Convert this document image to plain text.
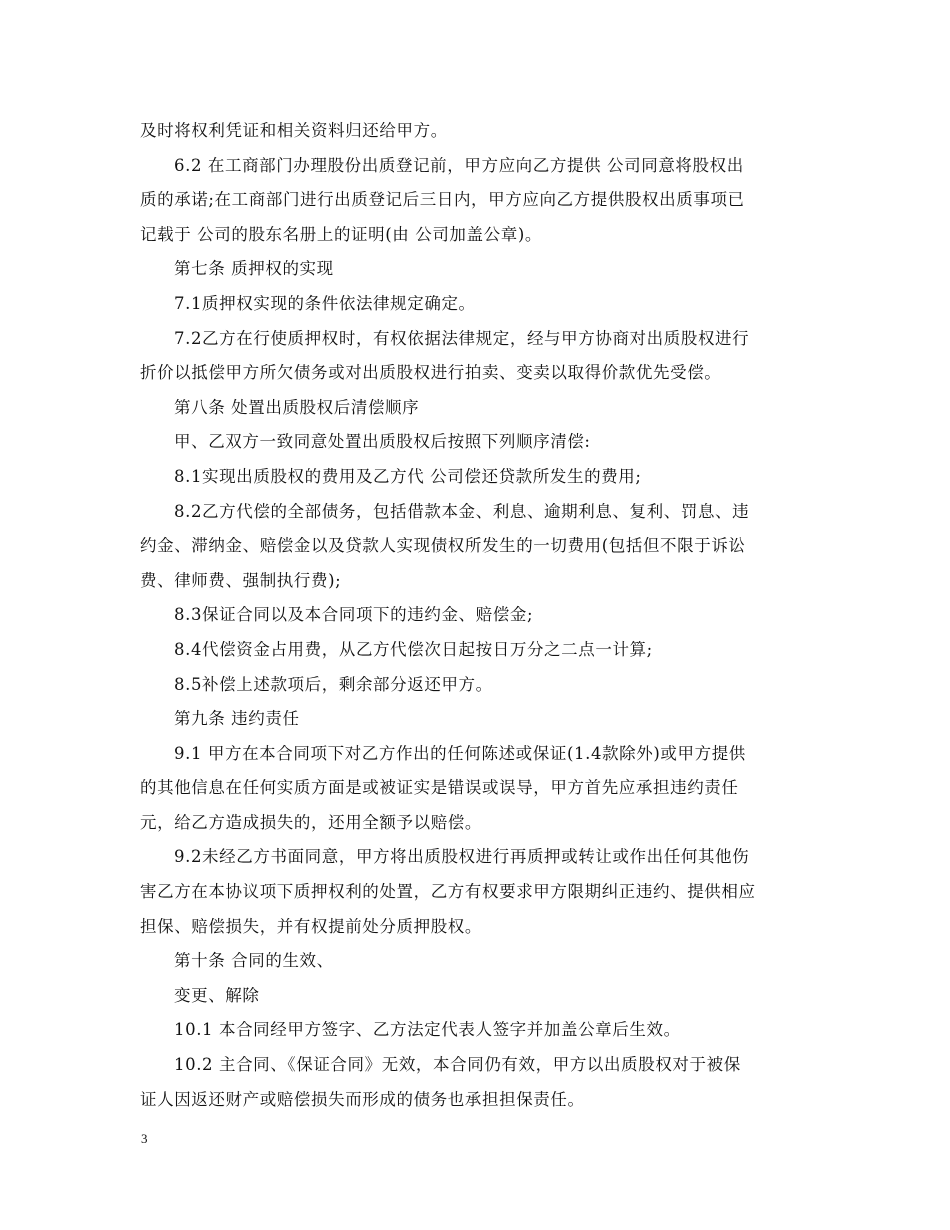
及时将权利凭证和相关资料归还给甲方。
6.2 在工商部门办理股份出质登记前，甲方应向乙方提供 公司同意将股权出
质的承诺;在工商部门进行出质登记后三日内，甲方应向乙方提供股权出质事项已
记载于 公司的股东名册上的证明(由 公司加盖公章)。
第七条 质押权的实现
7.1质押权实现的条件依法律规定确定。
7.2乙方在行使质押权时，有权依据法律规定，经与甲方协商对出质股权进行
折价以抵偿甲方所欠债务或对出质股权进行拍卖、变卖以取得价款优先受偿。
第八条 处置出质股权后清偿顺序
甲、乙双方一致同意处置出质股权后按照下列顺序清偿:
8.1实现出质股权的费用及乙方代 公司偿还贷款所发生的费用;
8.2乙方代偿的全部债务，包括借款本金、利息、逾期利息、复利、罚息、违
约金、滞纳金、赔偿金以及贷款人实现债权所发生的一切费用(包括但不限于诉讼
费、律师费、强制执行费);
8.3保证合同以及本合同项下的违约金、赔偿金;
8.4代偿资金占用费，从乙方代偿次日起按日万分之二点一计算;
8.5补偿上述款项后，剩余部分返还甲方。
第九条 违约责任
9.1 甲方在本合同项下对乙方作出的任何陈述或保证(1.4款除外)或甲方提供
的其他信息在任何实质方面是或被证实是错误或误导，甲方首先应承担违约责任
元，给乙方造成损失的，还用全额予以赔偿。
9.2未经乙方书面同意，甲方将出质股权进行再质押或转让或作出任何其他伤
害乙方在本协议项下质押权利的处置，乙方有权要求甲方限期纠正违约、提供相应
担保、赔偿损失，并有权提前处分质押股权。
第十条 合同的生效、
变更、解除
10.1 本合同经甲方签字、乙方法定代表人签字并加盖公章后生效。
10.2 主合同、《保证合同》无效，本合同仍有效，甲方以出质股权对于被保
证人因返还财产或赔偿损失而形成的债务也承担担保责任。
3
